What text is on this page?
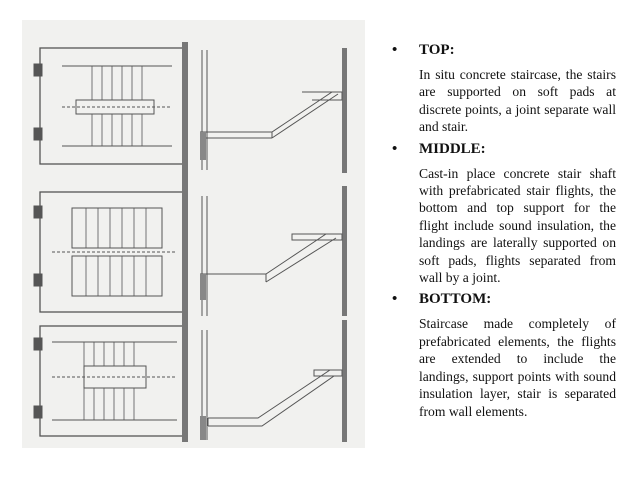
• TOP:
In situ concrete staircase, the stairs are supported on soft pads at discrete points, a joint separate wall and stair.
• MIDDLE:
Cast-in place concrete stair shaft with prefabricated stair flights, the bottom and top support for the flight include sound insulation, the landings are laterally supported on soft pads, flights separated from wall by a joint.
• BOTTOM:
Staircase made completely of prefabricated elements, the flights are extended to include the landings, support points with sound insulation layer, stair is separated from wall elements.
